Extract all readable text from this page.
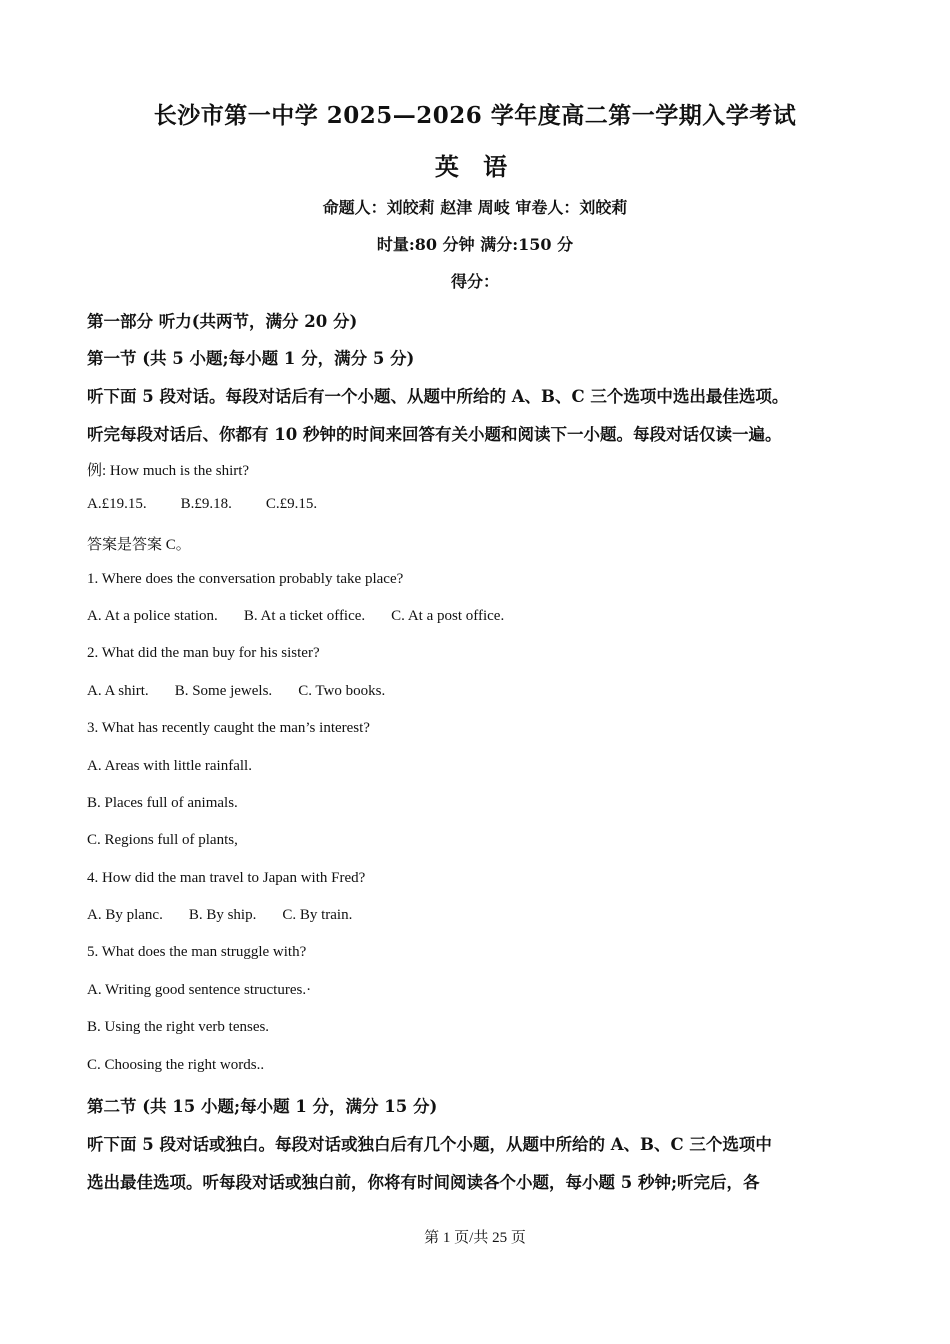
长沙市第一中学 2025—2026 学年度高二第一学期入学考试
英 语
命题人：刘皎莉 赵津 周岐 审卷人：刘皎莉
时量:80 分钟 满分:150 分
得分：
第一部分 听力(共两节，满分 20 分)
第一节 (共 5 小题;每小题 1 分，满分 5 分)
听下面 5 段对话。每段对话后有一个小题、从题中所给的 A、B、C 三个选项中选出最佳选项。
听完每段对话后、你都有 10 秒钟的时间来回答有关小题和阅读下一小题。每段对话仅读一遍。
例: How much is the shirt?
A.£19.15. B.£9.18. C.£9.15.
答案是答案 C。
1. Where does the conversation probably take place?
A. At a police station. B. At a ticket office. C. At a post office.
2. What did the man buy for his sister?
A. A shirt. B. Some jewels. C. Two books.
3. What has recently caught the man’s interest?
A. Areas with little rainfall.
B. Places full of animals.
C. Regions full of plants,
4. How did the man travel to Japan with Fred?
A. By planc. B. By ship. C. By train.
5. What does the man struggle with?
A. Writing good sentence structures.·
B. Using the right verb tenses.
C. Choosing the right words..
第二节 (共 15 小题;每小题 1 分，满分 15 分)
听下面 5 段对话或独白。每段对话或独白后有几个小题，从题中所给的 A、B、C 三个选项中
选出最佳选项。听每段对话或独白前，你将有时间阅读各个小题，每小题 5 秒钟;听完后，各
第 1 页/共 25 页
